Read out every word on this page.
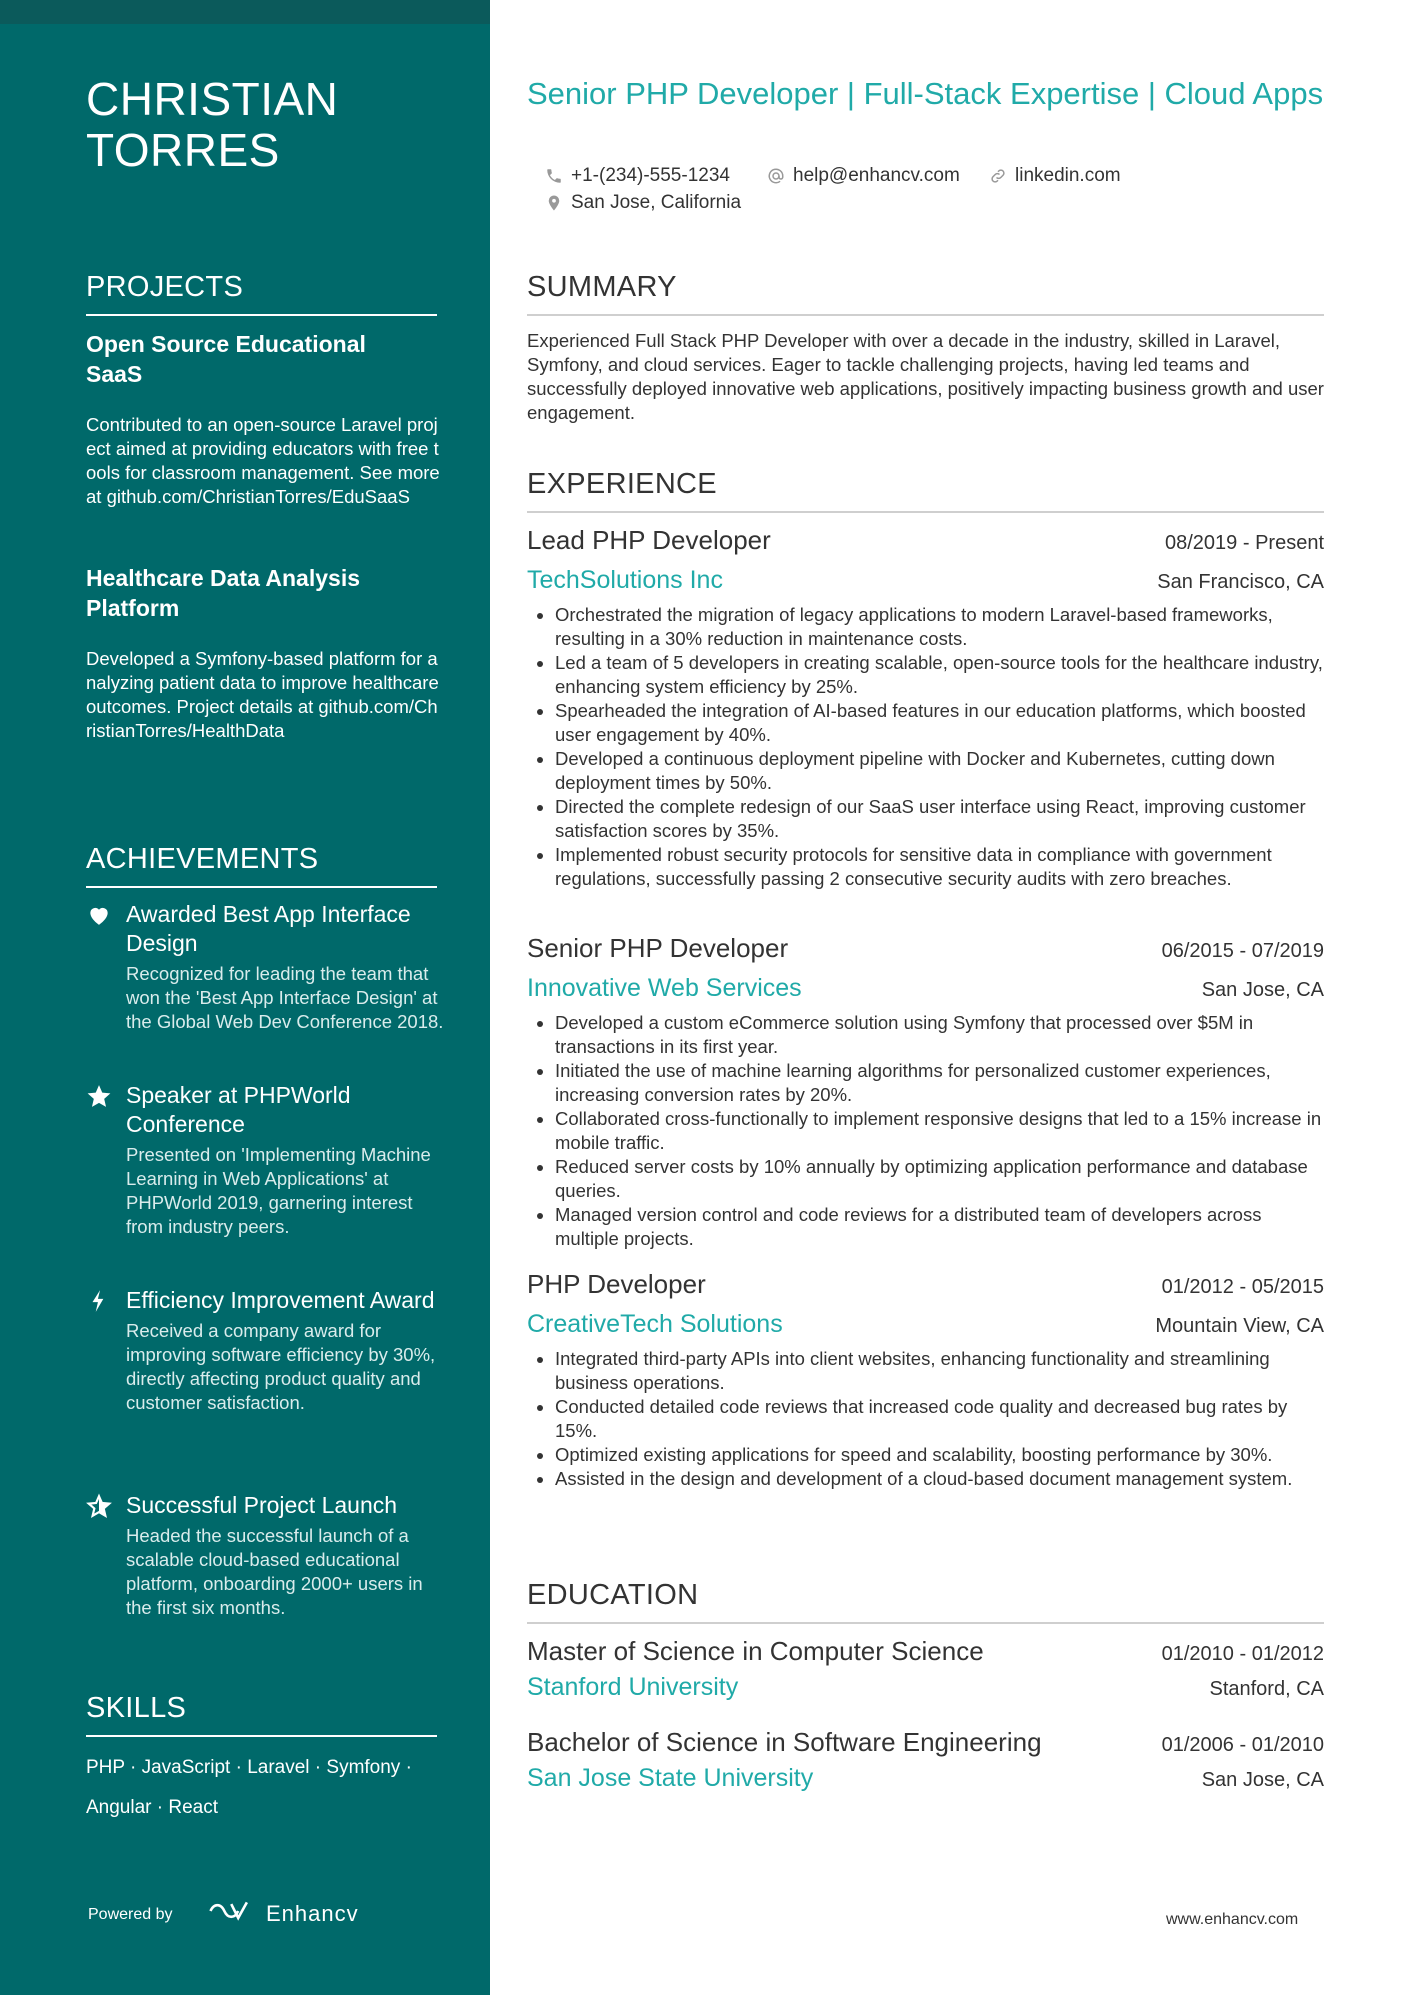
CHRISTIAN
TORRES
PROJECTS
Open Source Educational SaaS
Contributed to an open-source Laravel project aimed at providing educators with free tools for classroom management. See more at github.com/ChristianTorres/EduSaaS
Healthcare Data Analysis Platform
Developed a Symfony-based platform for analyzing patient data to improve healthcare outcomes. Project details at github.com/ChristianTorres/HealthData
ACHIEVEMENTS
Awarded Best App Interface Design
Recognized for leading the team that won the 'Best App Interface Design' at the Global Web Dev Conference 2018.
Speaker at PHPWorld Conference
Presented on 'Implementing Machine Learning in Web Applications' at PHPWorld 2019, garnering interest from industry peers.
Efficiency Improvement Award
Received a company award for improving software efficiency by 30%, directly affecting product quality and customer satisfaction.
Successful Project Launch
Headed the successful launch of a scalable cloud-based educational platform, onboarding 2000+ users in the first six months.
SKILLS
PHP · JavaScript · Laravel · Symfony · Angular · React
Powered by	Enhancv
Senior PHP Developer | Full-Stack Expertise | Cloud Apps
+1-(234)-555-1234	help@enhancv.com	linkedin.com
San Jose, California
SUMMARY
Experienced Full Stack PHP Developer with over a decade in the industry, skilled in Laravel, Symfony, and cloud services. Eager to tackle challenging projects, having led teams and successfully deployed innovative web applications, positively impacting business growth and user engagement.
EXPERIENCE
Lead PHP Developer	08/2019 - Present
TechSolutions Inc	San Francisco, CA
• Orchestrated the migration of legacy applications to modern Laravel-based frameworks, resulting in a 30% reduction in maintenance costs.
• Led a team of 5 developers in creating scalable, open-source tools for the healthcare industry, enhancing system efficiency by 25%.
• Spearheaded the integration of AI-based features in our education platforms, which boosted user engagement by 40%.
• Developed a continuous deployment pipeline with Docker and Kubernetes, cutting down deployment times by 50%.
• Directed the complete redesign of our SaaS user interface using React, improving customer satisfaction scores by 35%.
• Implemented robust security protocols for sensitive data in compliance with government regulations, successfully passing 2 consecutive security audits with zero breaches.
Senior PHP Developer	06/2015 - 07/2019
Innovative Web Services	San Jose, CA
• Developed a custom eCommerce solution using Symfony that processed over $5M in transactions in its first year.
• Initiated the use of machine learning algorithms for personalized customer experiences, increasing conversion rates by 20%.
• Collaborated cross-functionally to implement responsive designs that led to a 15% increase in mobile traffic.
• Reduced server costs by 10% annually by optimizing application performance and database queries.
• Managed version control and code reviews for a distributed team of developers across multiple projects.
PHP Developer	01/2012 - 05/2015
CreativeTech Solutions	Mountain View, CA
• Integrated third-party APIs into client websites, enhancing functionality and streamlining business operations.
• Conducted detailed code reviews that increased code quality and decreased bug rates by 15%.
• Optimized existing applications for speed and scalability, boosting performance by 30%.
• Assisted in the design and development of a cloud-based document management system.
EDUCATION
Master of Science in Computer Science	01/2010 - 01/2012
Stanford University	Stanford, CA
Bachelor of Science in Software Engineering	01/2006 - 01/2010
San Jose State University	San Jose, CA
www.enhancv.com
